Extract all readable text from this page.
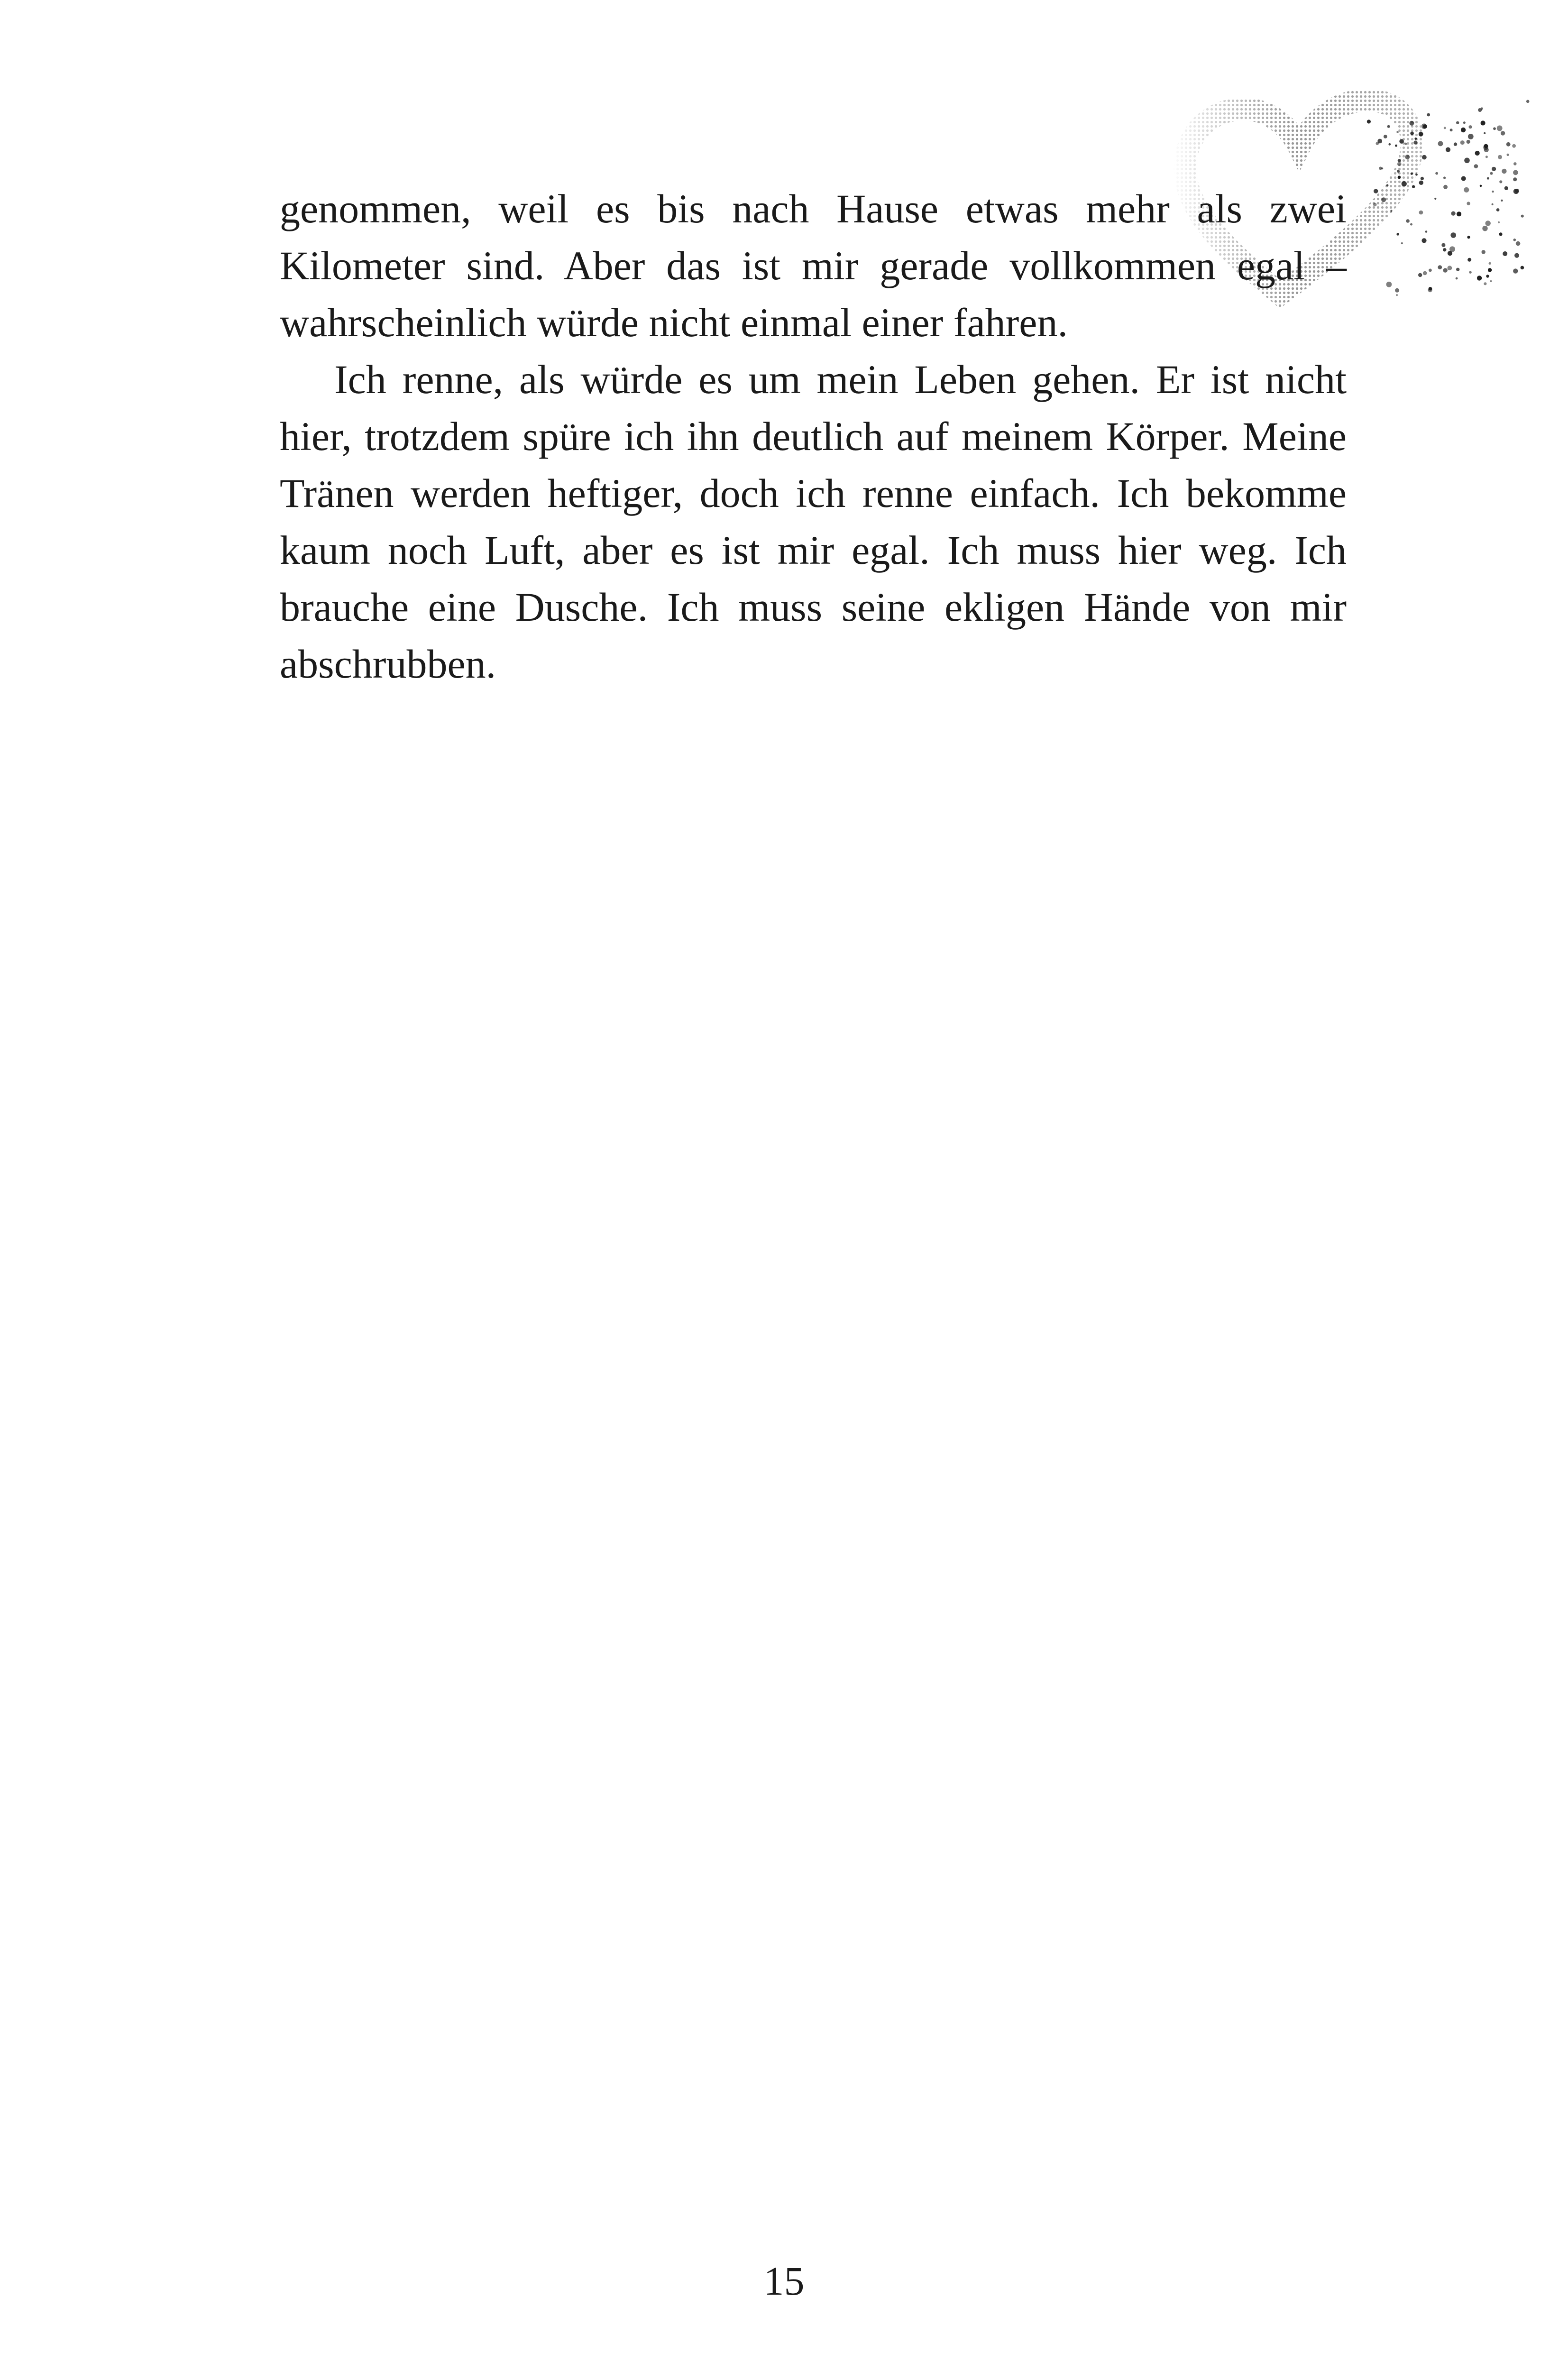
genommen, weil es bis nach Hause etwas mehr als zwei Kilometer sind. Aber das ist mir gerade vollkommen egal – wahrscheinlich würde nicht einmal einer fahren.

Ich renne, als würde es um mein Leben gehen. Er ist nicht hier, trotzdem spüre ich ihn deutlich auf meinem Körper. Meine Tränen werden heftiger, doch ich renne einfach. Ich bekomme kaum noch Luft, aber es ist mir egal. Ich muss hier weg. Ich brauche eine Dusche. Ich muss seine ekligen Hände von mir abschrubben.

15
